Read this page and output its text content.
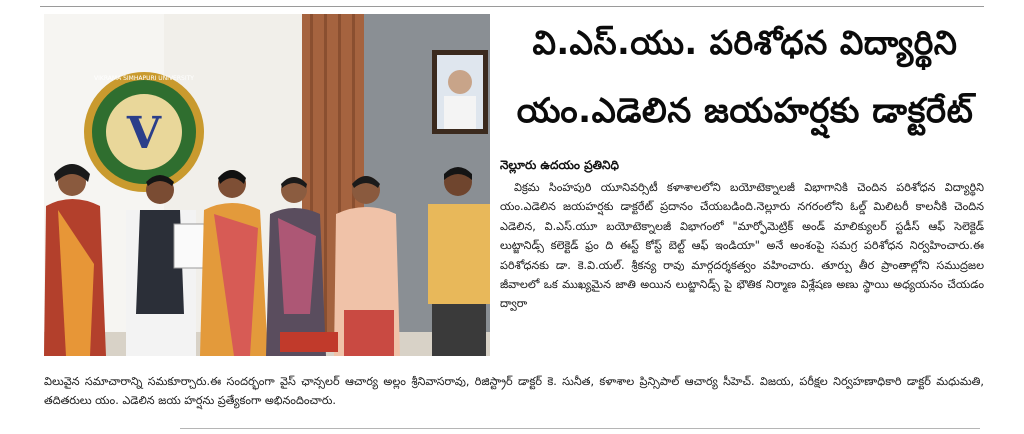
V
VIKRAMA SIMHAPURI UNIVERSITY
వి.ఎస్.యు. పరిశోధన విద్యార్థిని
యం.ఎడెలిన జయహర్షకు డాక్టరేట్
నెల్లూరు ఉదయం ప్రతినిధి

విక్రమ సింహపురి యూనివర్సిటీ కళాశాలలోని బయోటెక్నాలజీ విభాగానికి చెందిన పరిశోధన విద్యార్థిని యం.ఎడెలిన జయహర్షకు డాక్టరేట్ ప్రదానం చేయబడింది.నెల్లూరు నగరంలోని ఓల్డ్ మిలిటరీ కాలనీకి చెందిన ఎడెలిన, వి.ఎస్.యూ బయోటెక్నాలజీ విభాగంలో "మార్ఫోమెట్రిక్ అండ్ మాలిక్యులర్ స్టడీస్ ఆఫ్ సెలెక్టెడ్ లుట్జానిడ్స్ కలెక్టెడ్ ఫ్రం ది ఈస్ట్ కోస్ట్ బెల్ట్ ఆఫ్ ఇండియా" అనే అంశంపై సమగ్ర పరిశోధన నిర్వహించారు.ఈ పరిశోధనకు డా. కె.వి.యల్. శ్రీకన్య రావు మార్గదర్శకత్వం వహించారు. తూర్పు తీర ప్రాంతాల్లోని సముద్రజల జీవాలలో ఒక ముఖ్యమైన జాతి అయిన లుట్జానిడ్స్ పై భౌతిక నిర్మాణ విశ్లేషణ అణు స్థాయి అధ్యయనం చేయడం ద్వారా

విలువైన సమాచారాన్ని సమకూర్చారు.ఈ సందర్భంగా వైస్ ఛాన్సలర్ ఆచార్య అల్లం శ్రీనివాసరావు, రిజిస్ట్రార్ డాక్టర్ కె. సునీత, కళాశాల ప్రిన్సిపాల్ ఆచార్య సీహెచ్. విజయ, పరీక్షల నిర్వహణాధికారి డాక్టర్ మధుమతి, తదితరులు యం. ఎడెలిన జయ హర్షను ప్రత్యేకంగా అభినందించారు.
